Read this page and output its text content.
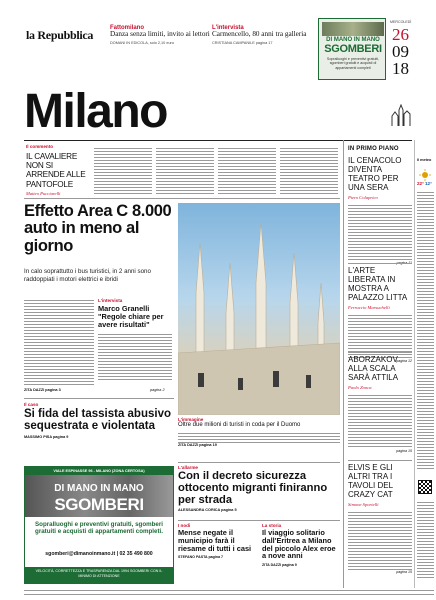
la Repubblica	Fattomilano
Danza senza limiti, invito ai lettori
DOMANI IN EDICOLA, solo 2,10 euro
L'intervista
Carmencello, 80 anni tra galleria
CRISTIANA CAMPANILE pagina 17	DI MANO IN MANO
SGOMBERI
Sopralluoghi e preventivi gratuiti, sgomberi gratuiti e acquisti di appartamenti completi
MERCOLEDÌ
26
09
18
Milano
Il commento
IL CAVALIERE NON SI ARRENDE ALLE PANTOFOLE
Matteo Pucciarelli
Effetto Area C 8.000 auto in meno al giorno
In calo soprattutto i bus turistici, in 2 anni sono raddoppiati i motori elettrici e ibridi
L'intervista
Marco Granelli "Regole chiare per avere risultati"
ZITA DAZZI pagina 3	pagina 2
L'immagine
Oltre due milioni di turisti in coda per il Duomo
ZITA DAZZI pagina 19
Il caso
Si fida del tassista abusivo sequestrata e violentata
MASSIMO PISA pagina 9
VIALE ESPINASSE 96 - MILANO (ZONA CERTOSA)
DI MANO IN MANO
SGOMBERI
Sopralluoghi e preventivi gratuiti, sgomberi gratuiti e acquisti di appartamenti completi.
sgomberi@dimanoinmano.it | 02 35 490 800
VELOCITÀ, CORRETTEZZA E TRASPARENZA DAL 1994 SGOMBERI CON IL MINIMO DI ATTENZIONE
L'allarme
Con il decreto sicurezza ottocento migranti finiranno per strada
ALESSANDRA CORICA pagina 5
I nodi
Mense negate il municipio farà il riesame di tutti i casi
STEFANO PASTA pagina 7
La storia
Il viaggio solitario dall'Eritrea a Milano del piccolo Alex eroe a nove anni
ZITA DAZZI pagina 9
IN PRIMO PIANO
IL CENACOLO DIVENTA TEATRO PER UNA SERA
Piero Colaprico
pagina 11
L'ARTE LIBERATA IN MOSTRA A PALAZZO LITTA
Ferruccio Marsuchelli
pagina 12
ABORZAKOV ALLA SCALA SARÀ ATTILA
Paolo Zonca
pagina 15
ELVIS E GLI ALTRI TRA I TAVOLI DEL CRAZY CAT
Simone Sportelli
pagina 15
Il meteo
22° 12°
